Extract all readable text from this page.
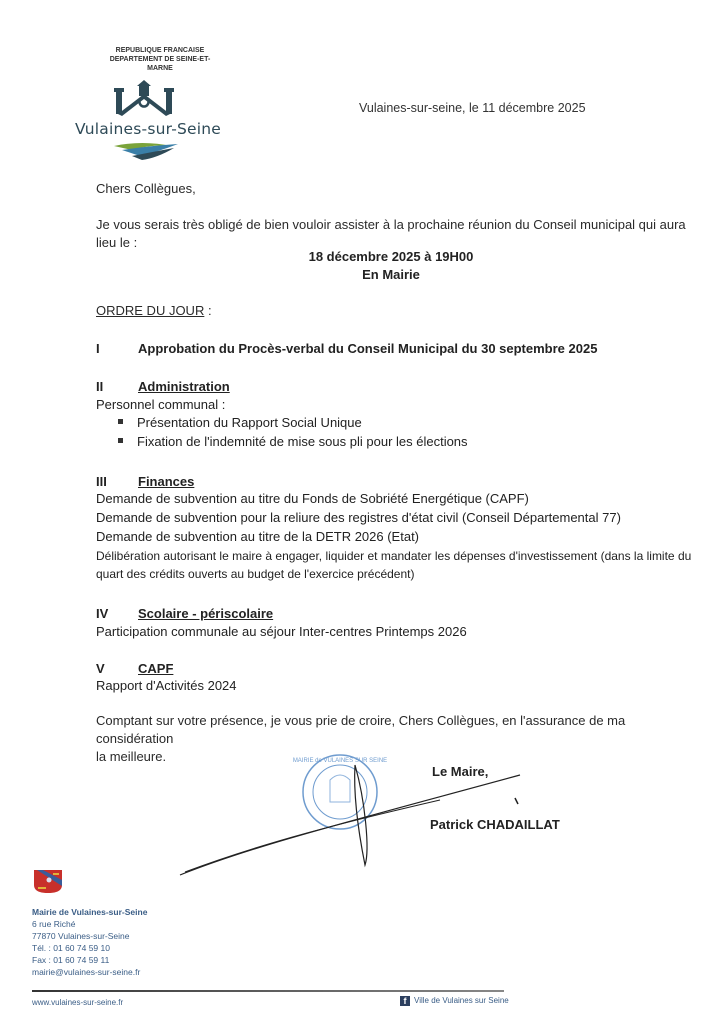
REPUBLIQUE FRANCAISE
DEPARTEMENT DE SEINE-ET-
MARNE
Vulaines-sur-Seine
Vulaines-sur-seine, le 11 décembre 2025
Chers Collègues,
Je vous serais très obligé de bien vouloir assister à la prochaine réunion du Conseil municipal qui aura lieu le :
18 décembre 2025 à 19H00
En Mairie
ORDRE DU JOUR :
I	Approbation du Procès-verbal du Conseil Municipal du 30 septembre 2025
II	Administration
Personnel communal :
Présentation du Rapport Social Unique
Fixation de l'indemnité de mise sous pli pour les élections
III Finances
Demande de subvention au titre du Fonds de Sobriété Energétique (CAPF)
Demande de subvention pour la reliure des registres d'état civil (Conseil Départemental 77)
Demande de subvention au titre de la DETR 2026 (Etat)
Délibération autorisant le maire à engager, liquider et mandater les dépenses d'investissement (dans la limite du
quart des crédits ouverts au budget de l'exercice précédent)
IV Scolaire - périscolaire
Participation communale au séjour Inter-centres Printemps 2026
V	CAPF
Rapport d'Activités 2024
Comptant sur votre présence, je vous prie de croire, Chers Collègues, en l'assurance de ma considération
la meilleure.	MAIRIE de VULAINES SUR SEINE
Le Maire,
Patrick CHADAILLAT
Mairie de Vulaines-sur-Seine
6 rue Riché
77870 Vulaines-sur-Seine
Tél. : 01 60 74 59 10
Fax : 01 60 74 59 11
mairie@vulaines-sur-seine.fr
www.vulaines-sur-seine.fr	f Ville de Vulaines sur Seine
